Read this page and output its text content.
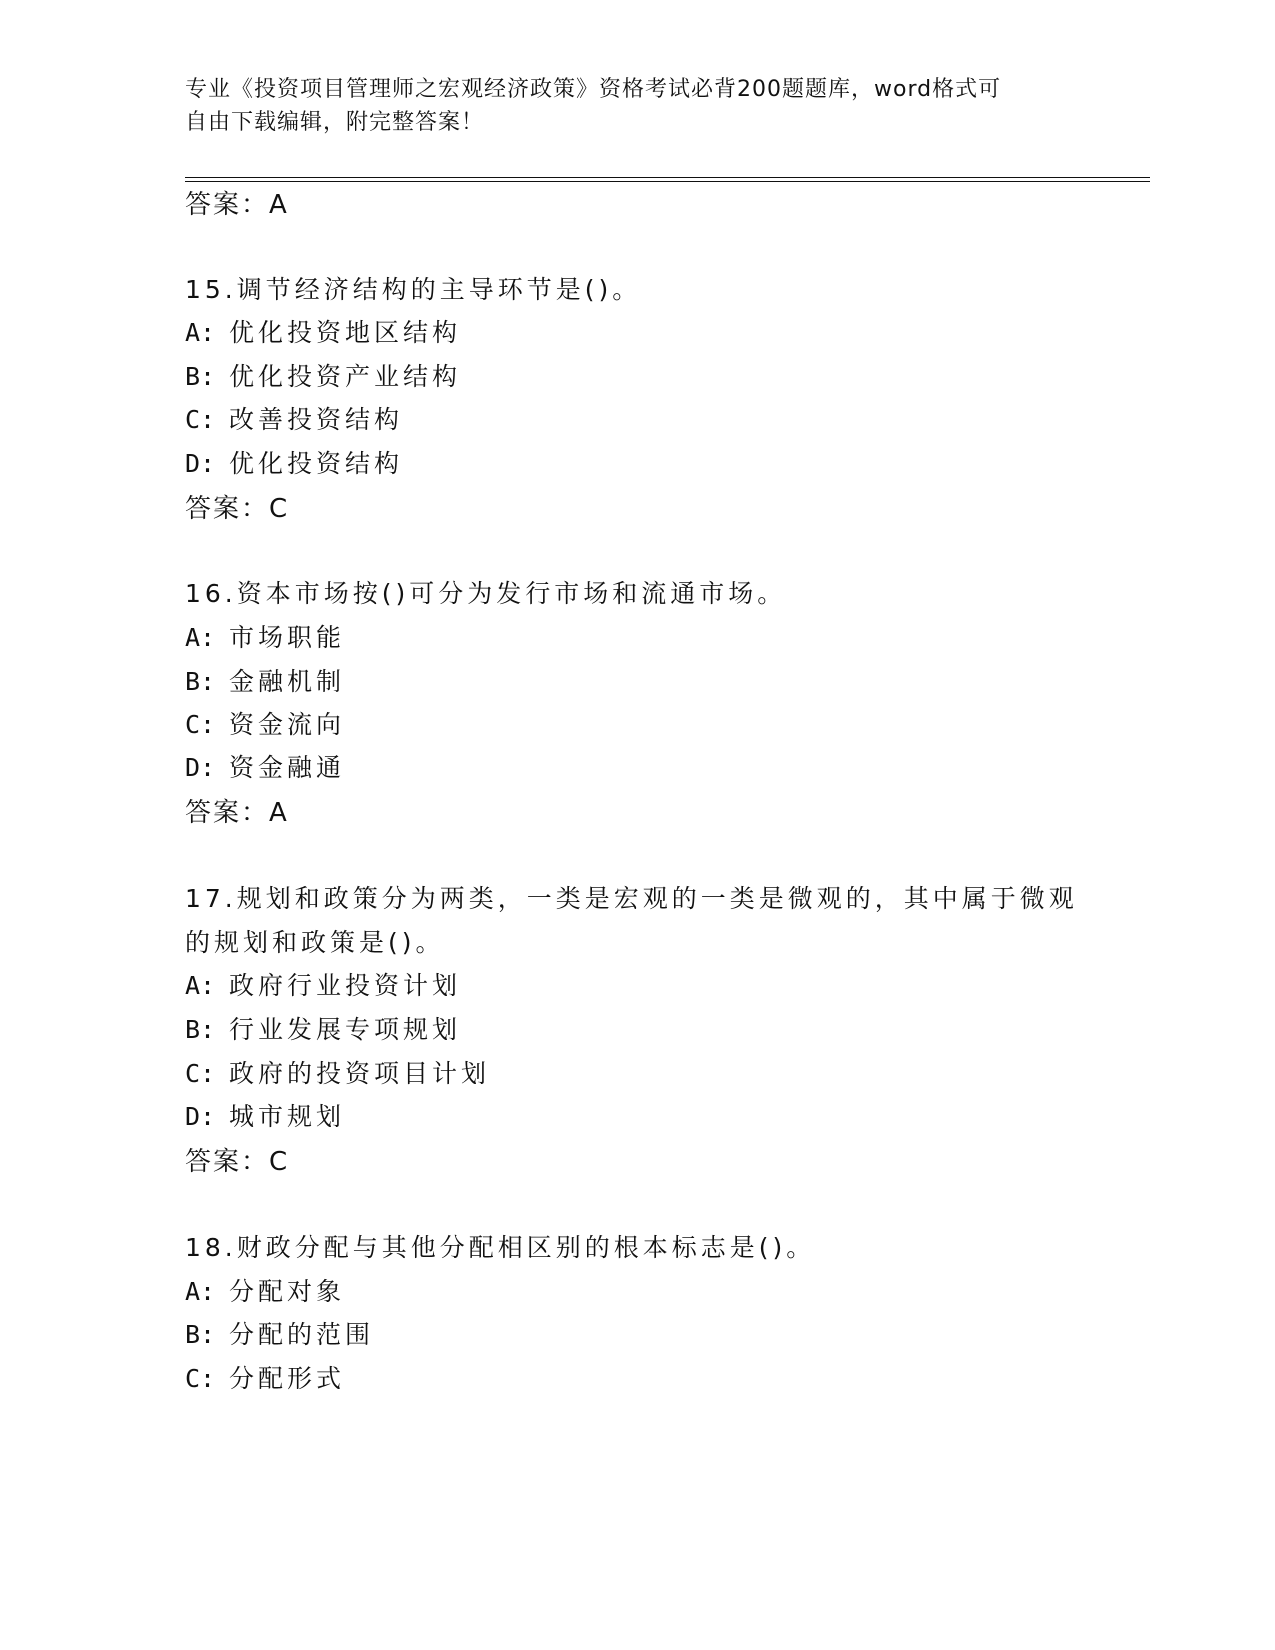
专业《投资项目管理师之宏观经济政策》资格考试必背200题题库，word格式可
自由下载编辑，附完整答案！
答案：A
15.调节经济结构的主导环节是()。
A: 优化投资地区结构
B: 优化投资产业结构
C: 改善投资结构
D: 优化投资结构
答案：C
16.资本市场按()可分为发行市场和流通市场。
A: 市场职能
B: 金融机制
C: 资金流向
D: 资金融通
答案：A
17.规划和政策分为两类，一类是宏观的一类是微观的，其中属于微观
的规划和政策是()。
A: 政府行业投资计划
B: 行业发展专项规划
C: 政府的投资项目计划
D: 城市规划
答案：C
18.财政分配与其他分配相区别的根本标志是()。
A: 分配对象
B: 分配的范围
C: 分配形式
